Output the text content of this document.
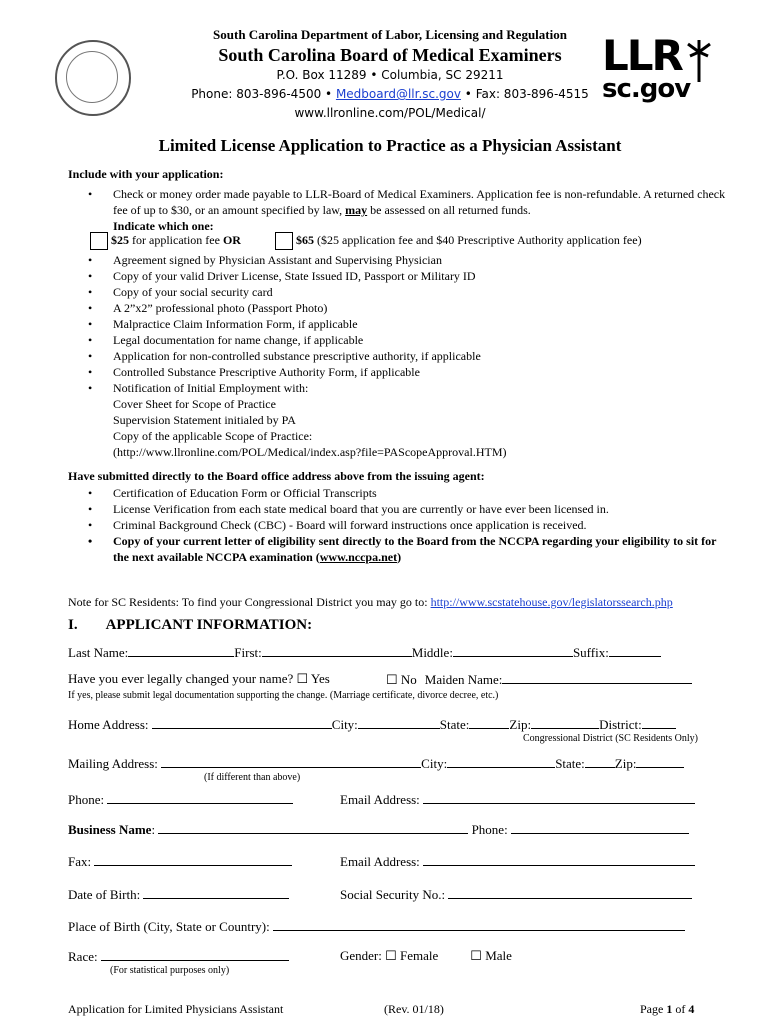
South Carolina Department of Labor, Licensing and Regulation
South Carolina Board of Medical Examiners
P.O. Box 11289 • Columbia, SC 29211
Phone: 803-896-4500 • Medboard@llr.sc.gov • Fax: 803-896-4515
www.llronline.com/POL/Medical/
LLR
sc.gov
Limited License Application to Practice as a Physician Assistant
Include with your application:
• Check or money order made payable to LLR-Board of Medical Examiners. Application fee is non-refundable. A returned check fee of up to $30, or an amount specified by law, may be assessed on all returned funds.
Indicate which one:
$25 for application fee OR	$65 ($25 application fee and $40 Prescriptive Authority application fee)
• Agreement signed by Physician Assistant and Supervising Physician
• Copy of your valid Driver License, State Issued ID, Passport or Military ID
• Copy of your social security card
• A 2”x2” professional photo (Passport Photo)
• Malpractice Claim Information Form, if applicable
• Legal documentation for name change, if applicable
• Application for non-controlled substance prescriptive authority, if applicable
• Controlled Substance Prescriptive Authority Form, if applicable
• Notification of Initial Employment with:
Cover Sheet for Scope of Practice
Supervision Statement initialed by PA
Copy of the applicable Scope of Practice:
(http://www.llronline.com/POL/Medical/index.asp?file=PAScopeApproval.HTM)
Have submitted directly to the Board office address above from the issuing agent:
• Certification of Education Form or Official Transcripts
• License Verification from each state medical board that you are currently or have ever been licensed in.
• Criminal Background Check (CBC) - Board will forward instructions once application is received.
• Copy of your current letter of eligibility sent directly to the Board from the NCCPA regarding your eligibility to sit for the next available NCCPA examination (www.nccpa.net)
Note for SC Residents: To find your Congressional District you may go to: http://www.scstatehouse.gov/legislatorssearch.php
I. APPLICANT INFORMATION:
Last Name:	First:	Middle:	Suffix:
Have you ever legally changed your name? ☐ Yes	☐ No Maiden Name:
If yes, please submit legal documentation supporting the change. (Marriage certificate, divorce decree, etc.)
Home Address:	City:	State:	Zip:	District:
Congressional District (SC Residents Only)
Mailing Address:	City:	State: Zip:
(If different than above)
Phone:	Email Address:
Business Name:	Phone:
Fax:	Email Address:
Date of Birth:	Social Security No.:
Place of Birth (City, State or Country):
Race:
(For statistical purposes only)
Gender: ☐ Female ☐ Male
Application for Limited Physicians Assistant	(Rev. 01/18)	Page 1 of 4
